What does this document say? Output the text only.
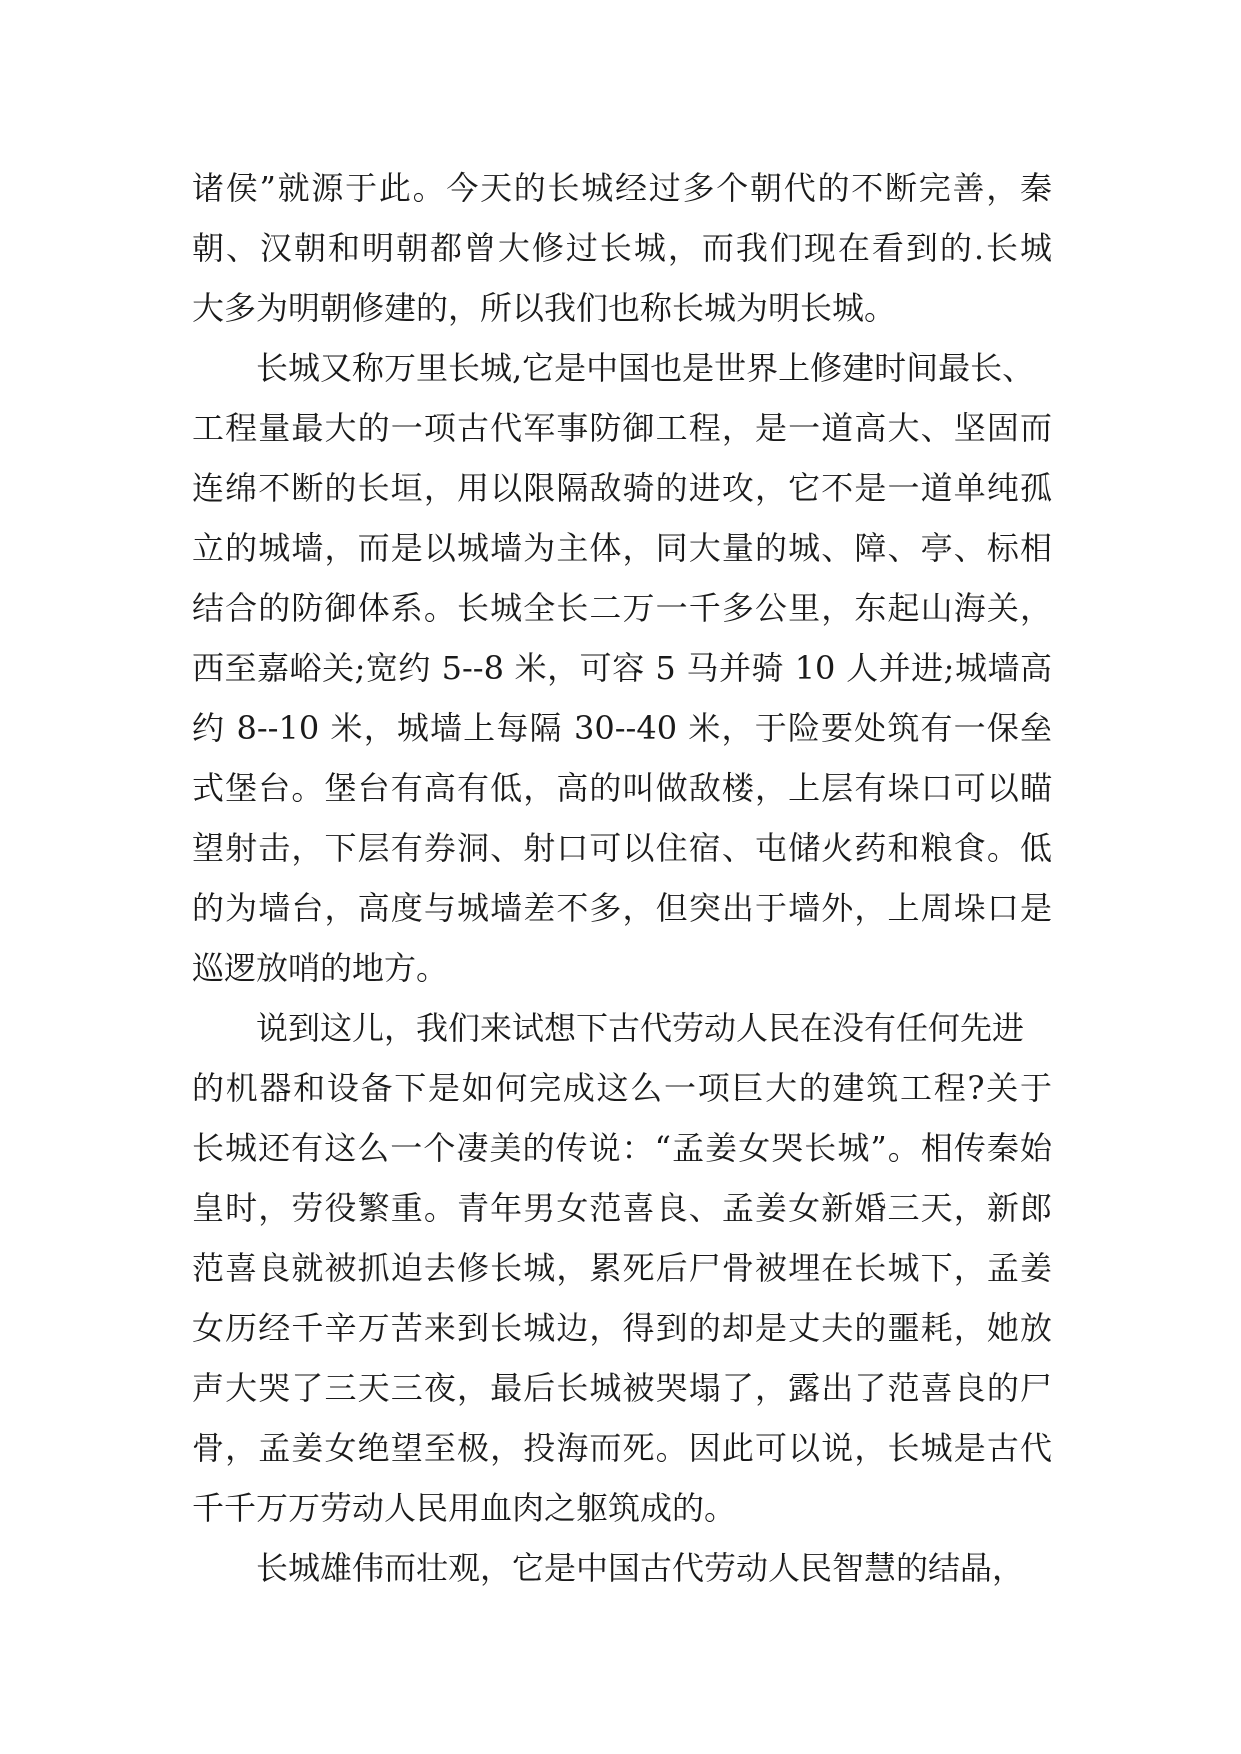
诸侯”就源于此。今天的长城经过多个朝代的不断完善，秦
朝、汉朝和明朝都曾大修过长城，而我们现在看到的.长城
大多为明朝修建的，所以我们也称长城为明长城。
长城又称万里长城,它是中国也是世界上修建时间最长、
工程量最大的一项古代军事防御工程，是一道高大、坚固而
连绵不断的长垣，用以限隔敌骑的进攻，它不是一道单纯孤
立的城墙，而是以城墙为主体，同大量的城、障、亭、标相
结合的防御体系。长城全长二万一千多公里，东起山海关，
西至嘉峪关;宽约 5--8 米，可容 5 马并骑 10 人并进;城墙高
约 8--10 米，城墙上每隔 30--40 米，于险要处筑有一保垒
式堡台。堡台有高有低，高的叫做敌楼，上层有垛口可以瞄
望射击，下层有券洞、射口可以住宿、屯储火药和粮食。低
的为墙台，高度与城墙差不多，但突出于墙外，上周垛口是
巡逻放哨的地方。
说到这儿，我们来试想下古代劳动人民在没有任何先进
的机器和设备下是如何完成这么一项巨大的建筑工程?关于
长城还有这么一个凄美的传说：“孟姜女哭长城”。相传秦始
皇时，劳役繁重。青年男女范喜良、孟姜女新婚三天，新郎
范喜良就被抓迫去修长城，累死后尸骨被埋在长城下，孟姜
女历经千辛万苦来到长城边，得到的却是丈夫的噩耗，她放
声大哭了三天三夜，最后长城被哭塌了，露出了范喜良的尸
骨，孟姜女绝望至极，投海而死。因此可以说，长城是古代
千千万万劳动人民用血肉之躯筑成的。
长城雄伟而壮观，它是中国古代劳动人民智慧的结晶，
